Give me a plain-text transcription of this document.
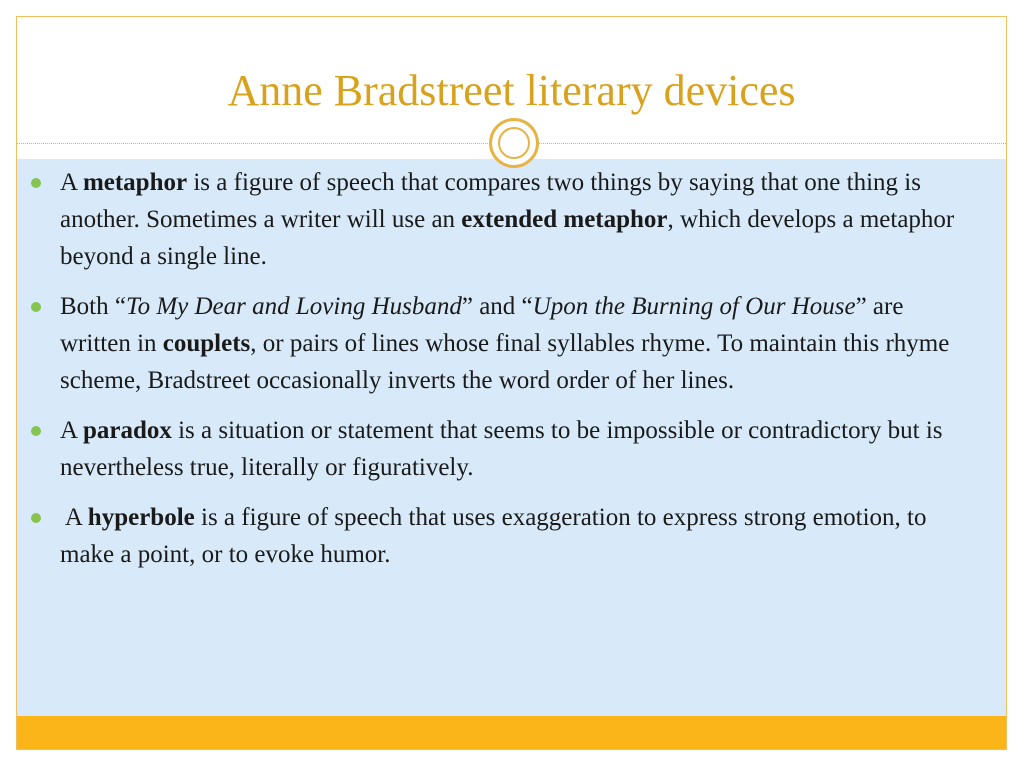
Anne Bradstreet literary devices
A metaphor is a figure of speech that compares two things by saying that one thing is another. Sometimes a writer will use an extended metaphor, which develops a metaphor beyond a single line.
Both “To My Dear and Loving Husband” and “Upon the Burning of Our House” are written in couplets, or pairs of lines whose final syllables rhyme. To maintain this rhyme scheme, Bradstreet occasionally inverts the word order of her lines.
A paradox is a situation or statement that seems to be impossible or contradictory but is nevertheless true, literally or figuratively.
A hyperbole is a figure of speech that uses exaggeration to express strong emotion, to make a point, or to evoke humor.
